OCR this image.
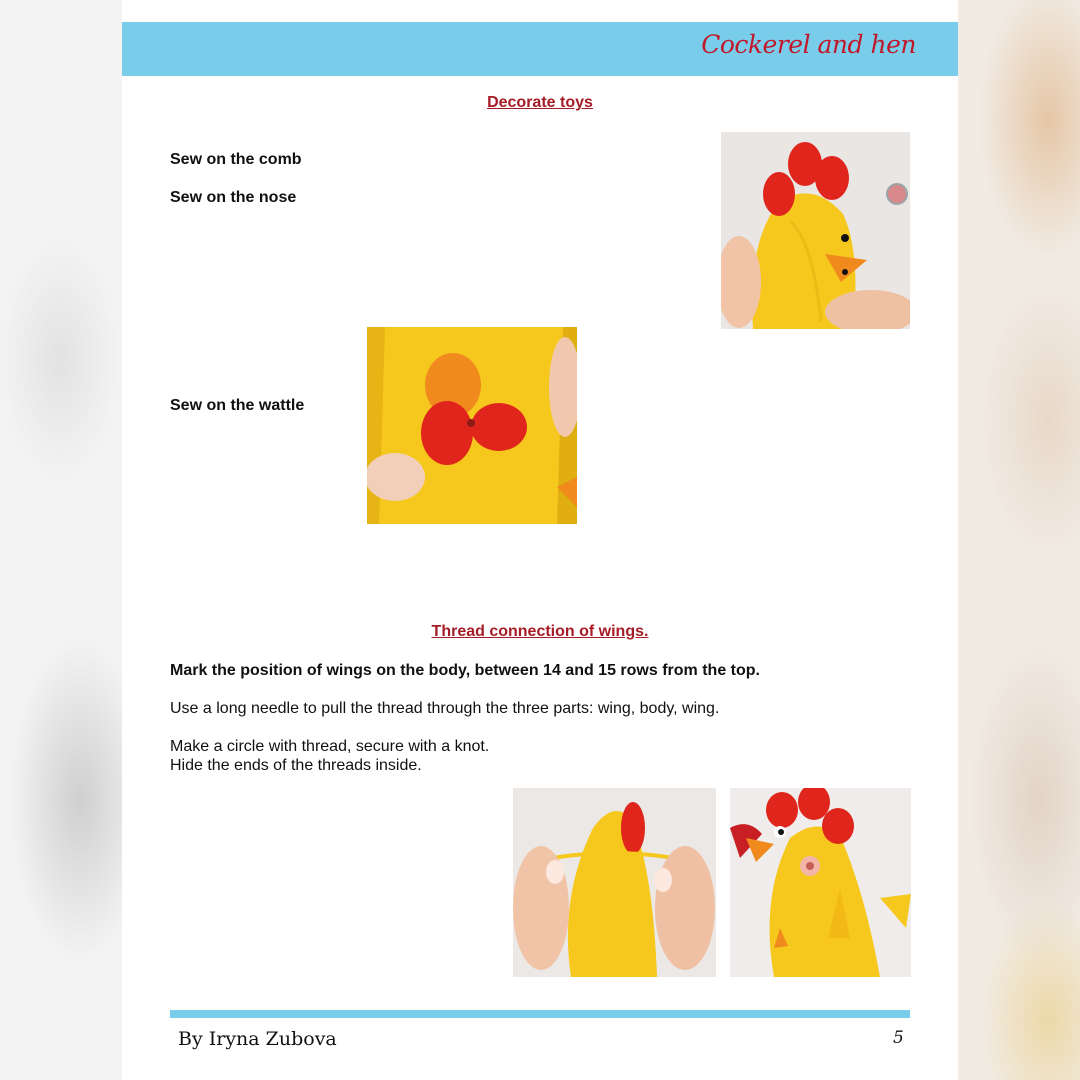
Cockerel and hen
Decorate toys
Sew on the comb
Sew on the nose
Sew on the wattle
Thread connection of wings.
Mark the position of wings on the body, between 14 and 15 rows from the top.
Use a long needle to pull the thread through the three parts: wing, body, wing.
Make a circle with thread, secure with a knot.
Hide the ends of the threads inside.
By Iryna Zubova	5
